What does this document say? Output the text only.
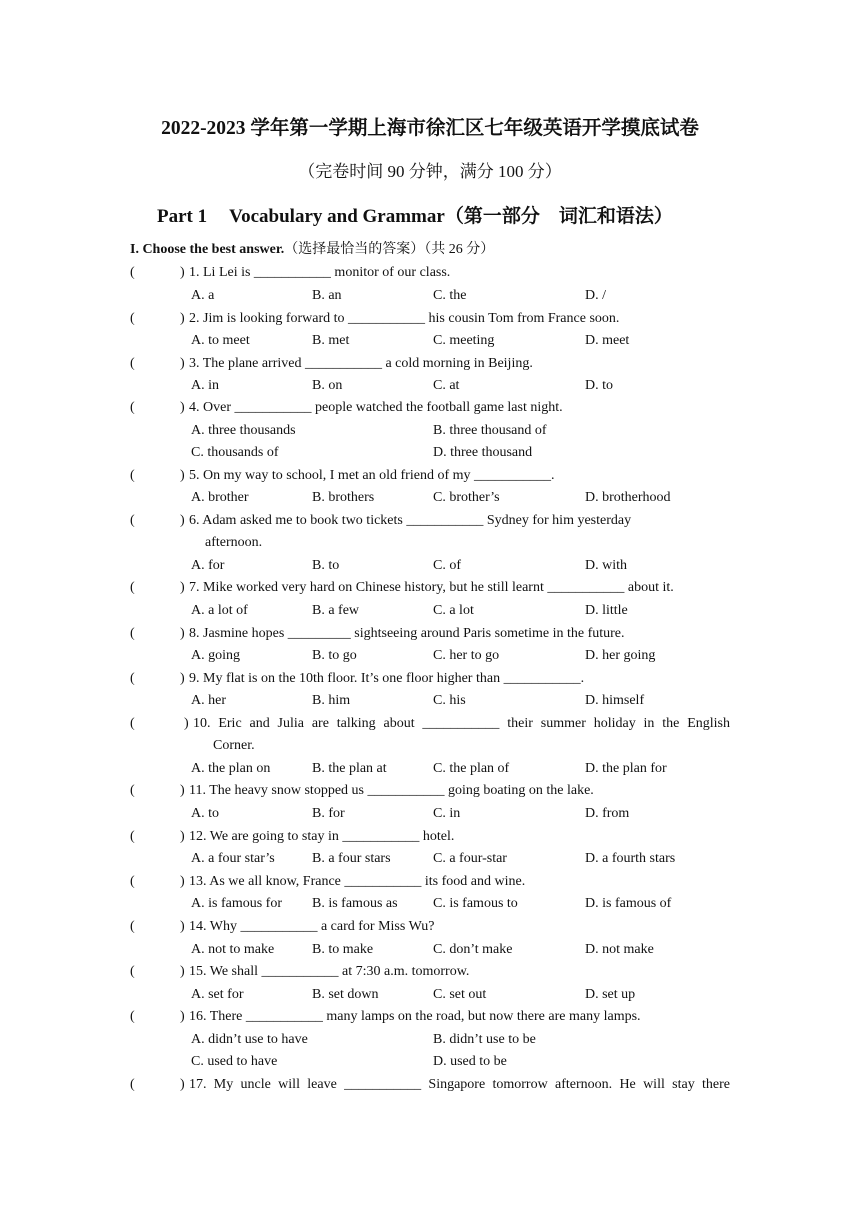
2022-2023 学年第一学期上海市徐汇区七年级英语开学摸底试卷
（完卷时间 90 分钟，满分 100 分）
Part 1 Vocabulary and Grammar（第一部分　词汇和语法）
I. Choose the best answer.（选择最恰当的答案）（共 26 分）
(	) 1. Li Lei is ___________ monitor of our class.
A. a	B. an	C. the	D. /
(	) 2. Jim is looking forward to ___________ his cousin Tom from France soon.
A. to meet	B. met	C. meeting	D. meet
(	) 3. The plane arrived ___________ a cold morning in Beijing.
A. in	B. on	C. at	D. to
(	) 4. Over ___________ people watched the football game last night.
A. three thousands	B. three thousand of
C. thousands of	D. three thousand
(	) 5. On my way to school, I met an old friend of my ___________.
A. brother	B. brothers	C. brother’s	D. brotherhood
(	) 6. Adam asked me to book two tickets ___________ Sydney for him yesterday
afternoon.
A. for	B. to	C. of	D. with
(	) 7. Mike worked very hard on Chinese history, but he still learnt ___________ about it.
A. a lot of	B. a few	C. a lot	D. little
(	) 8. Jasmine hopes _________ sightseeing around Paris sometime in the future.
A. going	B. to go	C. her to go	D. her going
(	) 9. My flat is on the 10th floor. It’s one floor higher than ___________.
A. her	B. him	C. his	D. himself
(	) 10. Eric and Julia are talking about ___________ their summer holiday in the English
Corner.
A. the plan on	B. the plan at	C. the plan of	D. the plan for
(	) 11. The heavy snow stopped us ___________ going boating on the lake.
A. to	B. for	C. in	D. from
(	) 12. We are going to stay in ___________ hotel.
A. a four star’s	B. a four stars	C. a four-star	D. a fourth stars
(	) 13. As we all know, France ___________ its food and wine.
A. is famous for B. is famous as	C. is famous to	D. is famous of
(	) 14. Why ___________ a card for Miss Wu?
A. not to make	B. to make	C. don’t make	D. not make
(	) 15. We shall ___________ at 7:30 a.m. tomorrow.
A. set for	B. set down	C. set out	D. set up
(	) 16. There ___________ many lamps on the road, but now there are many lamps.
A. didn’t use to have	B. didn’t use to be
C. used to have	D. used to be
(	) 17. My uncle will leave ___________ Singapore tomorrow afternoon. He will stay there
